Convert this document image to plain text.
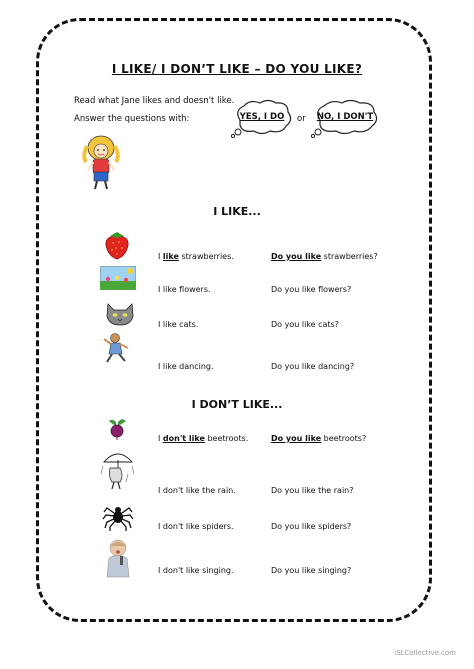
I LIKE/ I DON’T LIKE – DO YOU LIKE?
Read what Jane likes and doesn't like.
Answer the questions with:	YES, I DO	or	NO, I DON'T
I LIKE...
I like strawberries.	Do you like strawberries?
I like flowers.	Do you like flowers?
I like cats.	Do you like cats?
I like dancing.	Do you like dancing?
I DON’T LIKE...
I don't like beetroots.	Do you like beetroots?
I don't like the rain.	Do you like the rain?
I don't like spiders.	Do you like spiders?
I don't like singing.	Do you like singing?
iSLCollective.com
